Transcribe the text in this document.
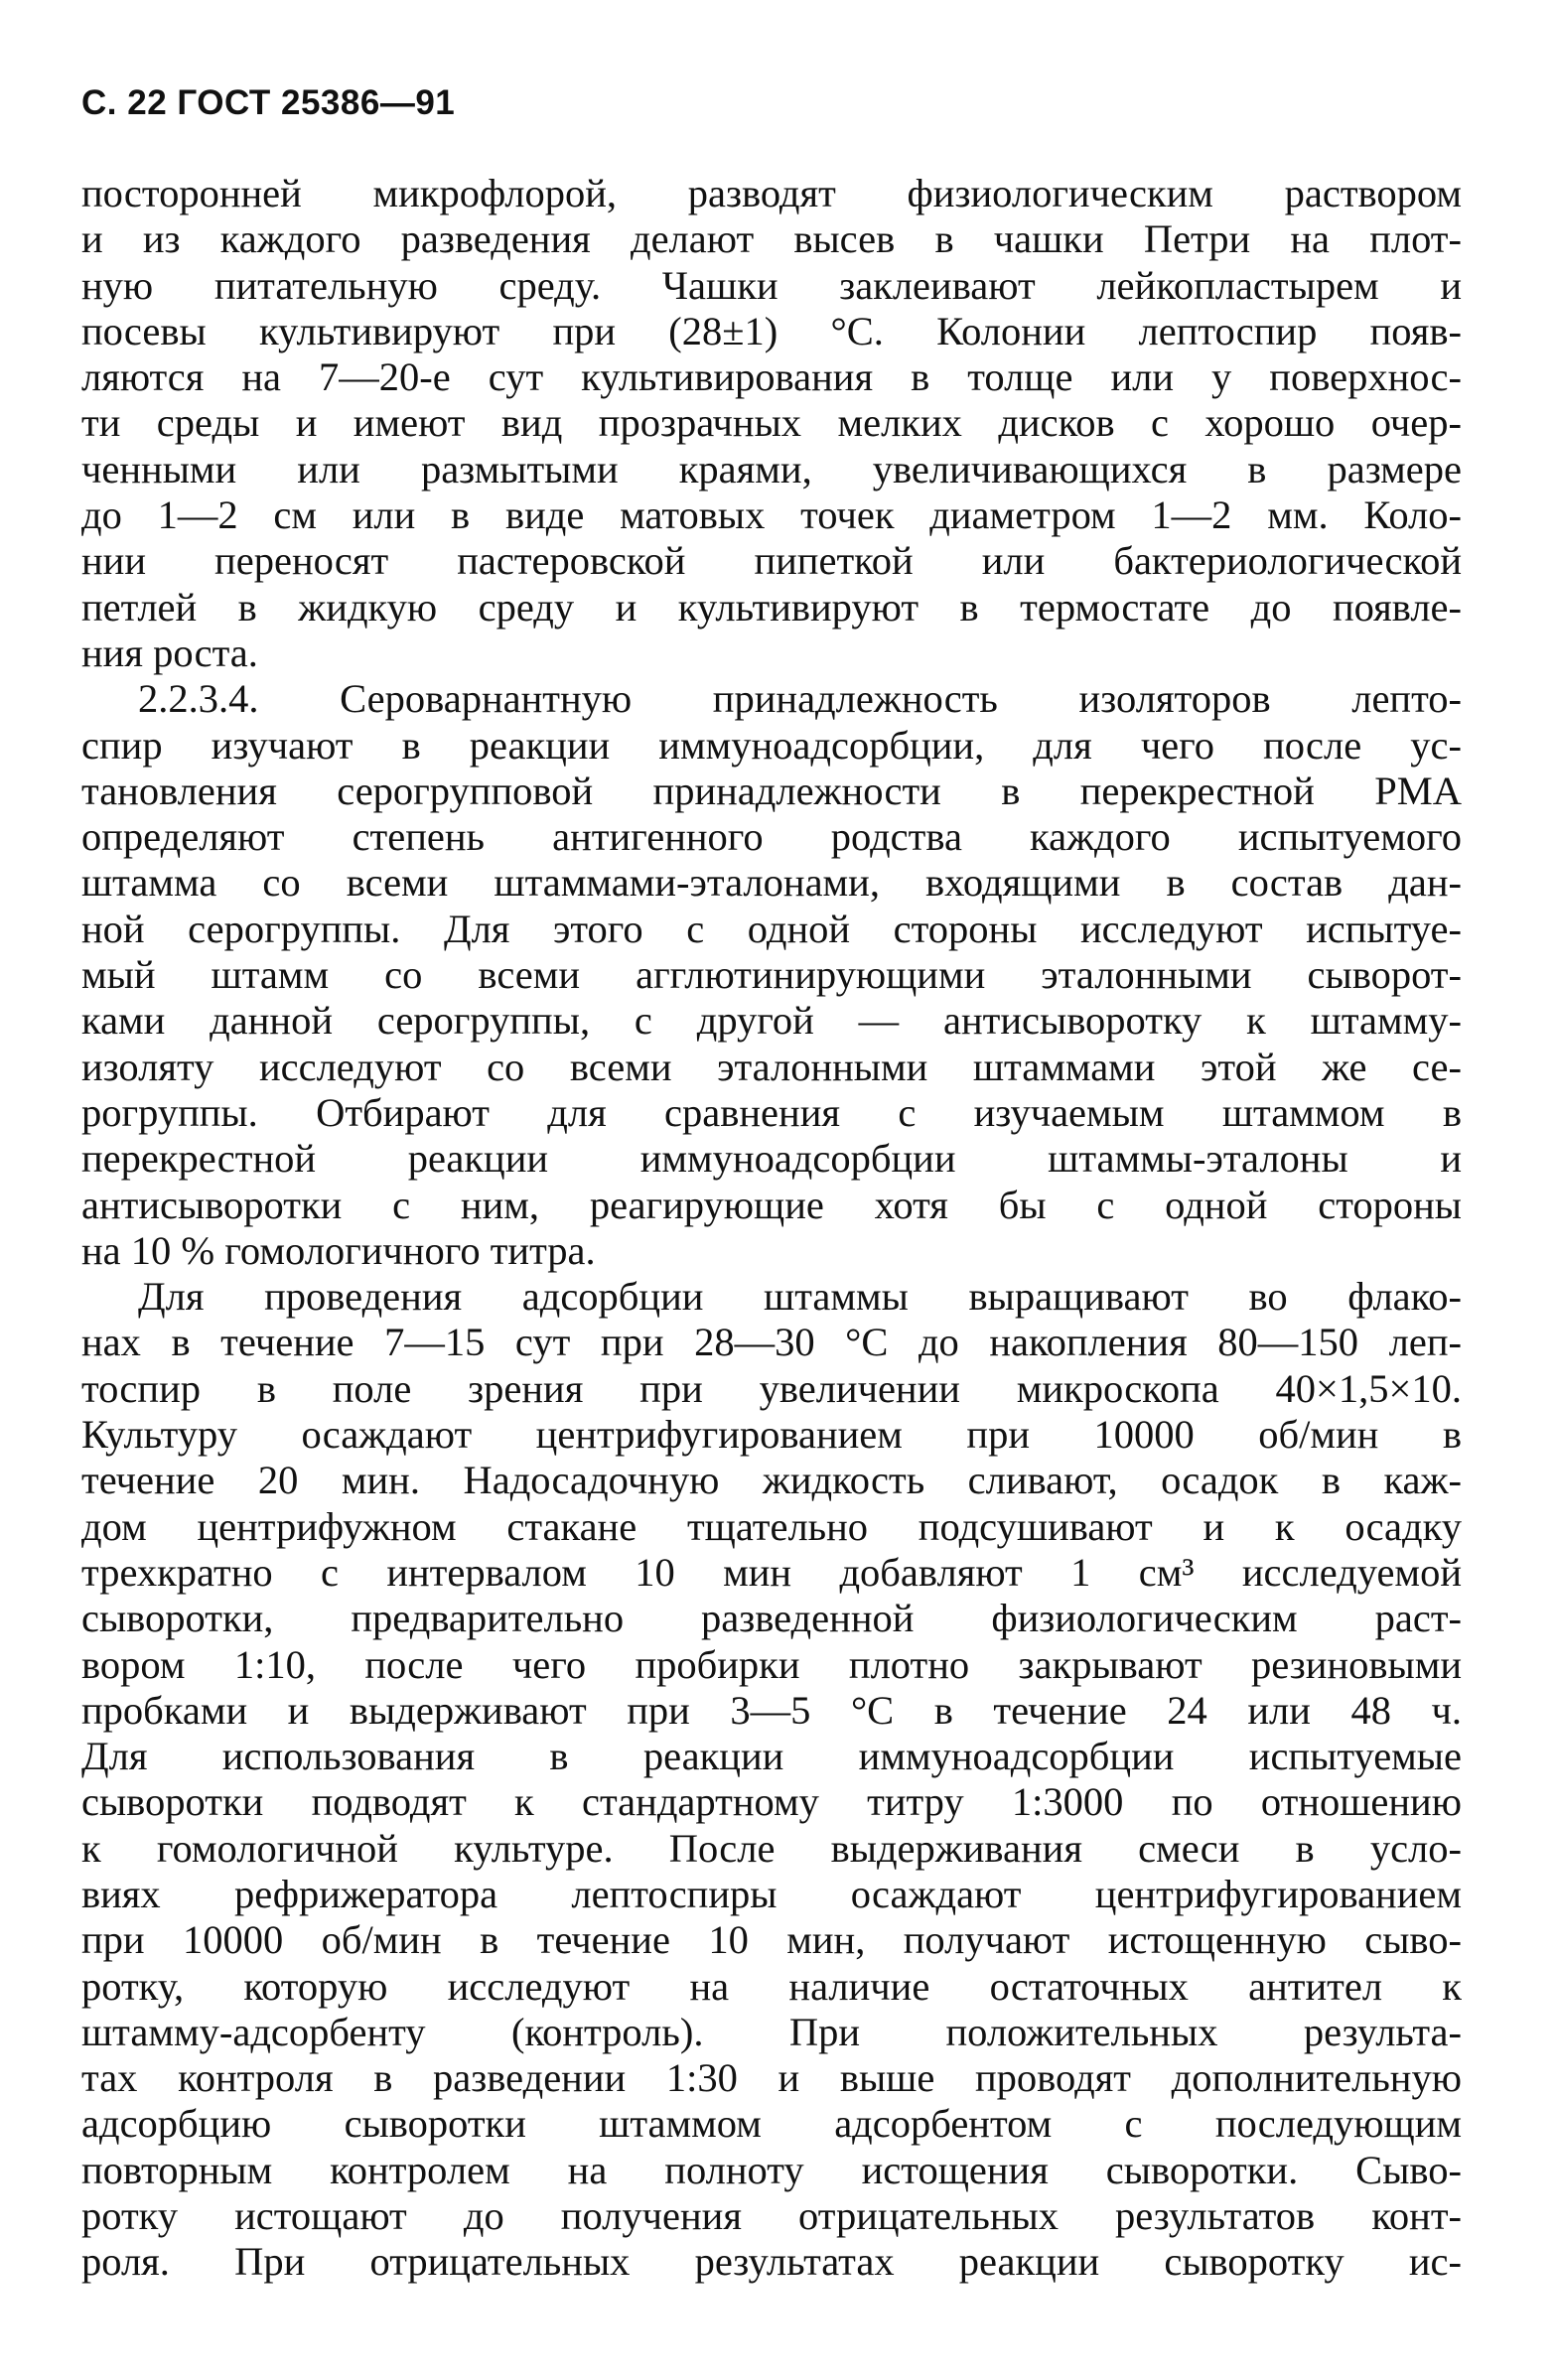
С. 22 ГОСТ 25386—91
посторонней микрофлорой, разводят физиологическим раствором
и из каждого разведения делают высев в чашки Петри на плот-
ную питательную среду. Чашки заклеивают лейкопластырем и
посевы культивируют при (28±1) °С. Колонии лептоспир появ-
ляются на 7—20-е сут культивирования в толще или у поверхнос-
ти среды и имеют вид прозрачных мелких дисков с хорошо очер-
ченными или размытыми краями, увеличивающихся в размере
до 1—2 см или в виде матовых точек диаметром 1—2 мм. Коло-
нии переносят пастеровской пипеткой или бактериологической
петлей в жидкую среду и культивируют в термостате до появле-
ния роста.
2.2.3.4. Сероварнантную принадлежность изоляторов лепто-
спир изучают в реакции иммуноадсорбции, для чего после ус-
тановления серогрупповой принадлежности в перекрестной РМА
определяют степень антигенного родства каждого испытуемого
штамма со всеми штаммами-эталонами, входящими в состав дан-
ной серогруппы. Для этого с одной стороны исследуют испытуе-
мый штамм со всеми агглютинирующими эталонными сыворот-
ками данной серогруппы, с другой — антисыворотку к штамму-
изоляту исследуют со всеми эталонными штаммами этой же се-
рогруппы. Отбирают для сравнения с изучаемым штаммом в
перекрестной реакции иммуноадсорбции штаммы-эталоны и
антисыворотки с ним, реагирующие хотя бы с одной стороны
на 10 % гомологичного титра.
Для проведения адсорбции штаммы выращивают во флако-
нах в течение 7—15 сут при 28—30 °С до накопления 80—150 леп-
тоспир в поле зрения при увеличении микроскопа 40×1,5×10.
Культуру осаждают центрифугированием при 10000 об/мин в
течение 20 мин. Надосадочную жидкость сливают, осадок в каж-
дом центрифужном стакане тщательно подсушивают и к осадку
трехкратно с интервалом 10 мин добавляют 1 см³ исследуемой
сыворотки, предварительно разведенной физиологическим раст-
вором 1:10, после чего пробирки плотно закрывают резиновыми
пробками и выдерживают при 3—5 °С в течение 24 или 48 ч.
Для использования в реакции иммуноадсорбции испытуемые
сыворотки подводят к стандартному титру 1:3000 по отношению
к гомологичной культуре. После выдерживания смеси в усло-
виях рефрижератора лептоспиры осаждают центрифугированием
при 10000 об/мин в течение 10 мин, получают истощенную сыво-
ротку, которую исследуют на наличие остаточных антител к
штамму-адсорбенту (контроль). При положительных результа-
тах контроля в разведении 1:30 и выше проводят дополнительную
адсорбцию сыворотки штаммом адсорбентом с последующим
повторным контролем на полноту истощения сыворотки. Сыво-
ротку истощают до получения отрицательных результатов конт-
роля. При отрицательных результатах реакции сыворотку ис-
